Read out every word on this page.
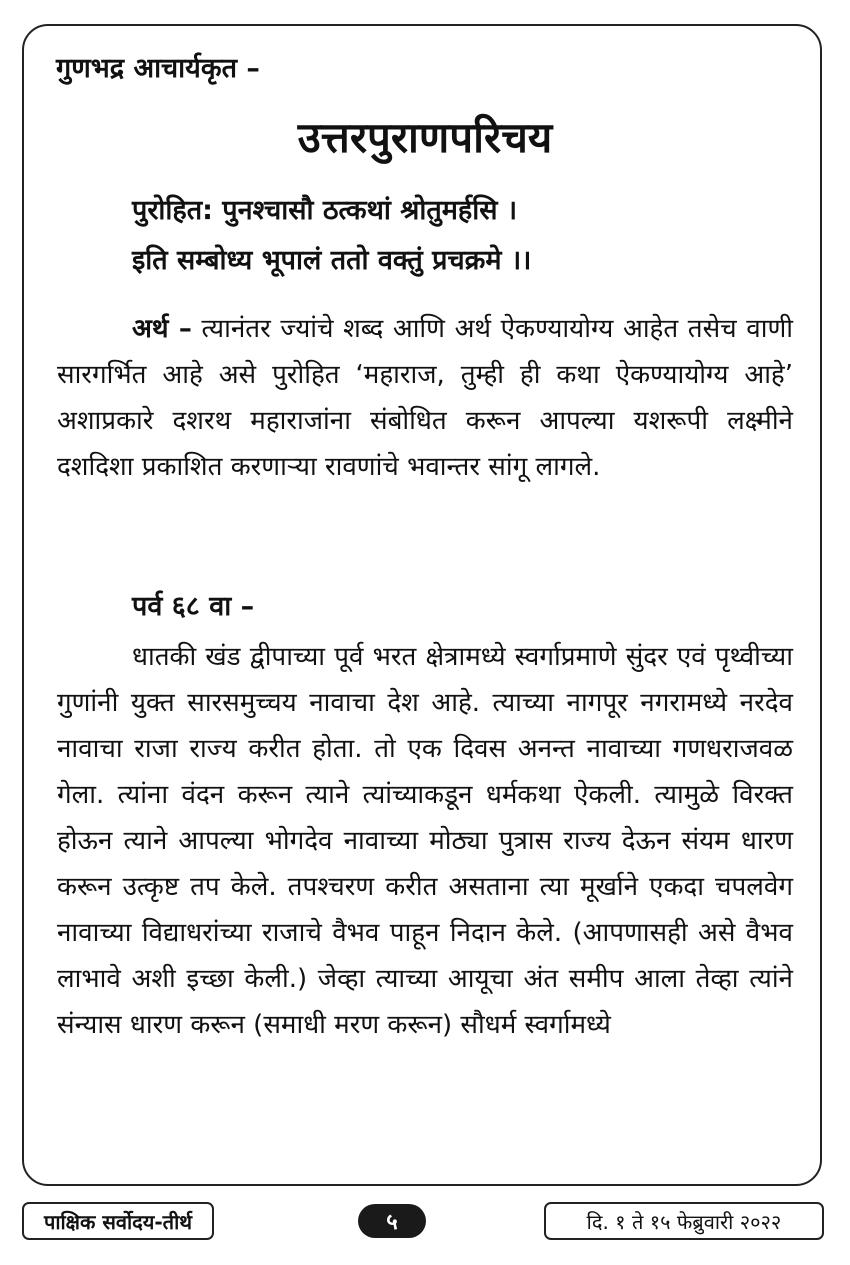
गुणभद्र आचार्यकृत –
उत्तरपुराणपरिचय
पुरोहित: पुनश्चासौ ठत्कथां श्रोतुमर्हसि ।
इति सम्बोध्य भूपालं ततो वक्तुं प्रचक्रमे ।।
अर्थ – त्यानंतर ज्यांचे शब्द आणि अर्थ ऐकण्यायोग्य आहेत तसेच वाणी सारगर्भित आहे असे पुरोहित ‘महाराज, तुम्ही ही कथा ऐकण्यायोग्य आहे’ अशाप्रकारे दशरथ महाराजांना संबोधित करून आपल्या यशरूपी लक्ष्मीने दशदिशा प्रकाशित करणाऱ्या रावणांचे भवान्तर सांगू लागले.
पर्व ६८ वा –
धातकी खंड द्वीपाच्या पूर्व भरत क्षेत्रामध्ये स्वर्गाप्रमाणे सुंदर एवं पृथ्वीच्या गुणांनी युक्त सारसमुच्चय नावाचा देश आहे. त्याच्या नागपूर नगरामध्ये नरदेव नावाचा राजा राज्य करीत होता. तो एक दिवस अनन्त नावाच्या गणधराजवळ गेला. त्यांना वंदन करून त्याने त्यांच्याकडून धर्मकथा ऐकली. त्यामुळे विरक्त होऊन त्याने आपल्या भोगदेव नावाच्या मोठ्या पुत्रास राज्य देऊन संयम धारण करून उत्कृष्ट तप केले. तपश्चरण करीत असताना त्या मूर्खाने एकदा चपलवेग नावाच्या विद्याधरांच्या राजाचे वैभव पाहून निदान केले. (आपणासही असे वैभव लाभावे अशी इच्छा केली.) जेव्हा त्याच्या आयूचा अंत समीप आला तेव्हा त्यांने संन्यास धारण करून (समाधी मरण करून) सौधर्म स्वर्गामध्ये
पाक्षिक सर्वोदय-तीर्थ	५	दि. १ ते १५ फेब्रुवारी २०२२
